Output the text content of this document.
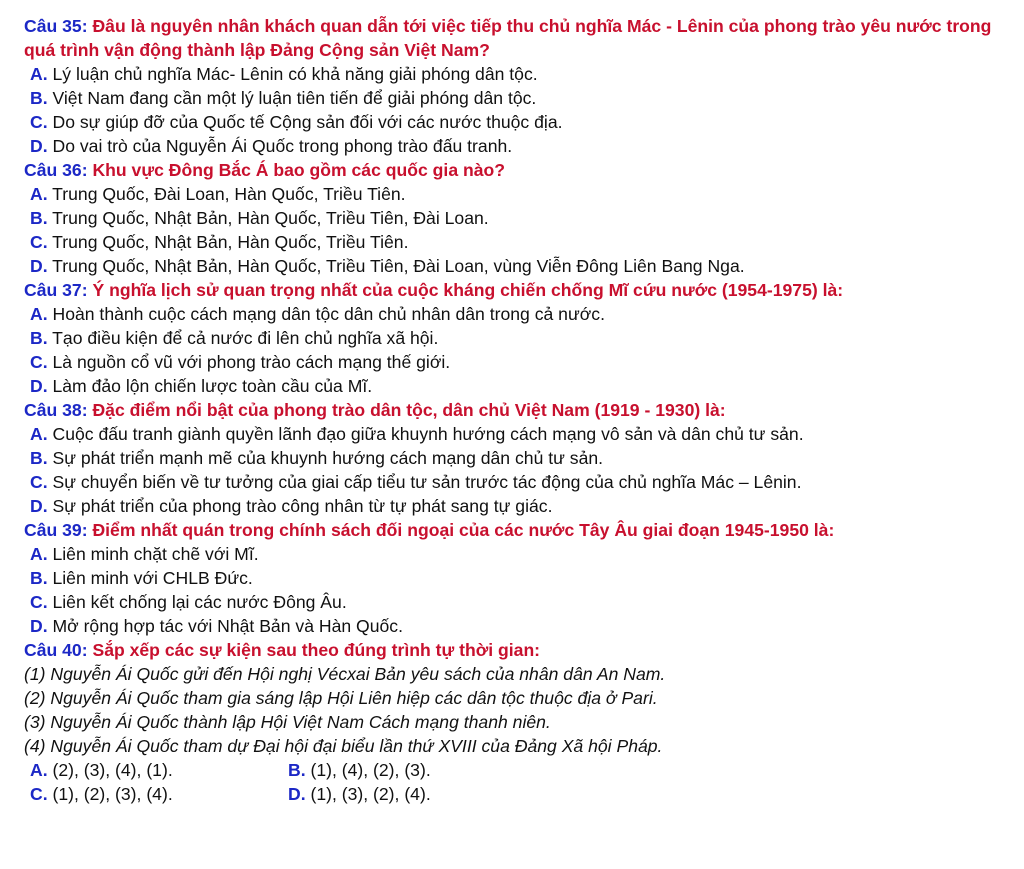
Câu 35: Đâu là nguyên nhân khách quan dẫn tới việc tiếp thu chủ nghĩa Mác - Lênin của phong trào yêu nước trong quá trình vận động thành lập Đảng Cộng sản Việt Nam?
A. Lý luận chủ nghĩa Mác- Lênin có khả năng giải phóng dân tộc.
B. Việt Nam đang cần một lý luận tiên tiến để giải phóng dân tộc.
C. Do sự giúp đỡ của Quốc tế Cộng sản đối với các nước thuộc địa.
D. Do vai trò của Nguyễn Ái Quốc trong phong trào đấu tranh.
Câu 36: Khu vực Đông Bắc Á bao gồm các quốc gia nào?
A. Trung Quốc, Đài Loan, Hàn Quốc, Triều Tiên.
B. Trung Quốc, Nhật Bản, Hàn Quốc, Triều Tiên, Đài Loan.
C. Trung Quốc, Nhật Bản, Hàn Quốc, Triều Tiên.
D. Trung Quốc, Nhật Bản, Hàn Quốc, Triều Tiên, Đài Loan, vùng Viễn Đông Liên Bang Nga.
Câu 37: Ý nghĩa lịch sử quan trọng nhất của cuộc kháng chiến chống Mĩ cứu nước (1954-1975) là:
A. Hoàn thành cuộc cách mạng dân tộc dân chủ nhân dân trong cả nước.
B. Tạo điều kiện để cả nước đi lên chủ nghĩa xã hội.
C. Là nguồn cổ vũ với phong trào cách mạng thế giới.
D. Làm đảo lộn chiến lược toàn cầu của Mĩ.
Câu 38: Đặc điểm nổi bật của phong trào dân tộc, dân chủ Việt Nam (1919 - 1930) là:
A. Cuộc đấu tranh giành quyền lãnh đạo giữa khuynh hướng cách mạng vô sản và dân chủ tư sản.
B. Sự phát triển mạnh mẽ của khuynh hướng cách mạng dân chủ tư sản.
C. Sự chuyển biến về tư tưởng của giai cấp tiểu tư sản trước tác động của chủ nghĩa Mác – Lênin.
D. Sự phát triển của phong trào công nhân từ tự phát sang tự giác.
Câu 39: Điểm nhất quán trong chính sách đối ngoại của các nước Tây Âu giai đoạn 1945-1950 là:
A. Liên minh chặt chẽ với Mĩ.
B. Liên minh với CHLB Đức.
C. Liên kết chống lại các nước Đông Âu.
D. Mở rộng hợp tác với Nhật Bản và Hàn Quốc.
Câu 40: Sắp xếp các sự kiện sau theo đúng trình tự thời gian:
(1) Nguyễn Ái Quốc gửi đến Hội nghị Vécxai Bản yêu sách của nhân dân An Nam.
(2) Nguyễn Ái Quốc tham gia sáng lập Hội Liên hiệp các dân tộc thuộc địa ở Pari.
(3) Nguyễn Ái Quốc thành lập Hội Việt Nam Cách mạng thanh niên.
(4) Nguyễn Ái Quốc tham dự Đại hội đại biểu lần thứ XVIII của Đảng Xã hội Pháp.
A. (2), (3), (4), (1).	B. (1), (4), (2), (3).
C. (1), (2), (3), (4).	D. (1), (3), (2), (4).
